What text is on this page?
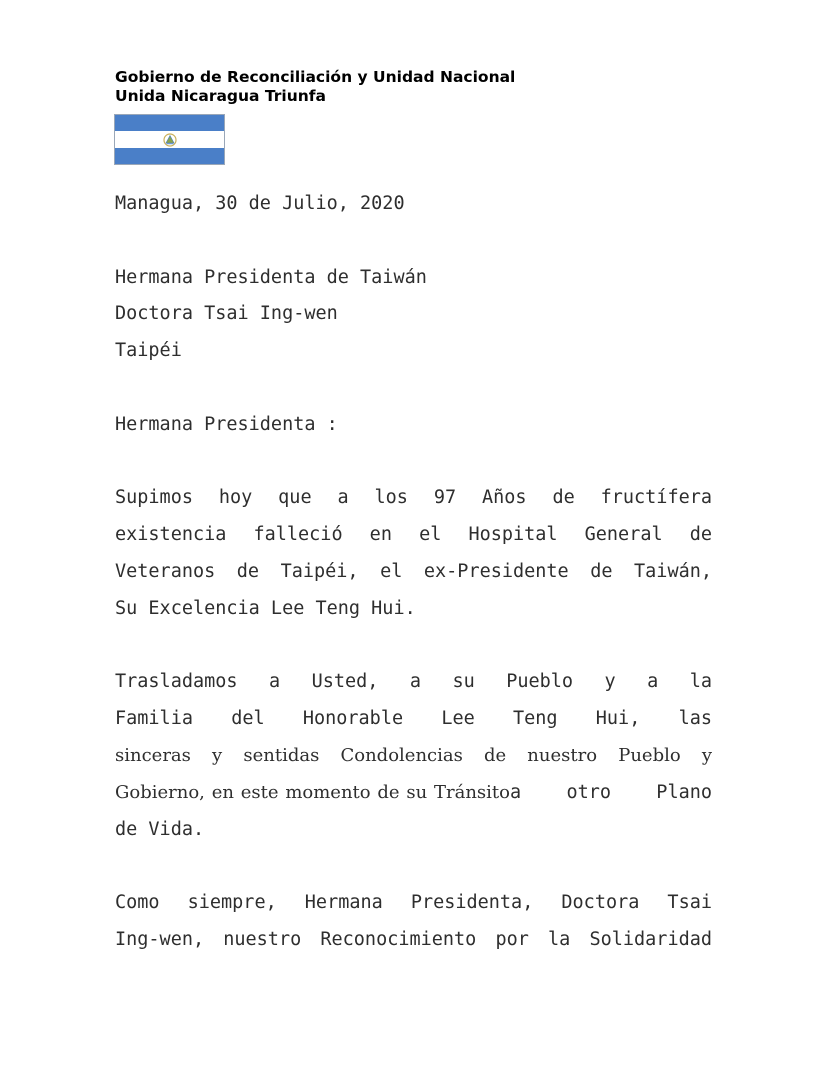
Gobierno de Reconciliación y Unidad Nacional
Unida Nicaragua Triunfa
Managua, 30 de Julio, 2020
Hermana Presidenta de Taiwán
Doctora Tsai Ing-wen
Taipéi
Hermana Presidenta :
Supimos hoy que a los 97 Años de fructífera
existencia falleció en el Hospital General de
Veteranos de Taipéi, el ex-Presidente de Taiwán,
Su Excelencia Lee Teng Hui.
Trasladamos a Usted, a su Pueblo y a la
Familia del Honorable Lee Teng Hui, las
sinceras y sentidas Condolencias de nuestro Pueblo y
Gobierno, en este momento de su Tránsito a otro Plano
de Vida.
Como siempre, Hermana Presidenta, Doctora Tsai
Ing-wen, nuestro Reconocimiento por la Solidaridad
